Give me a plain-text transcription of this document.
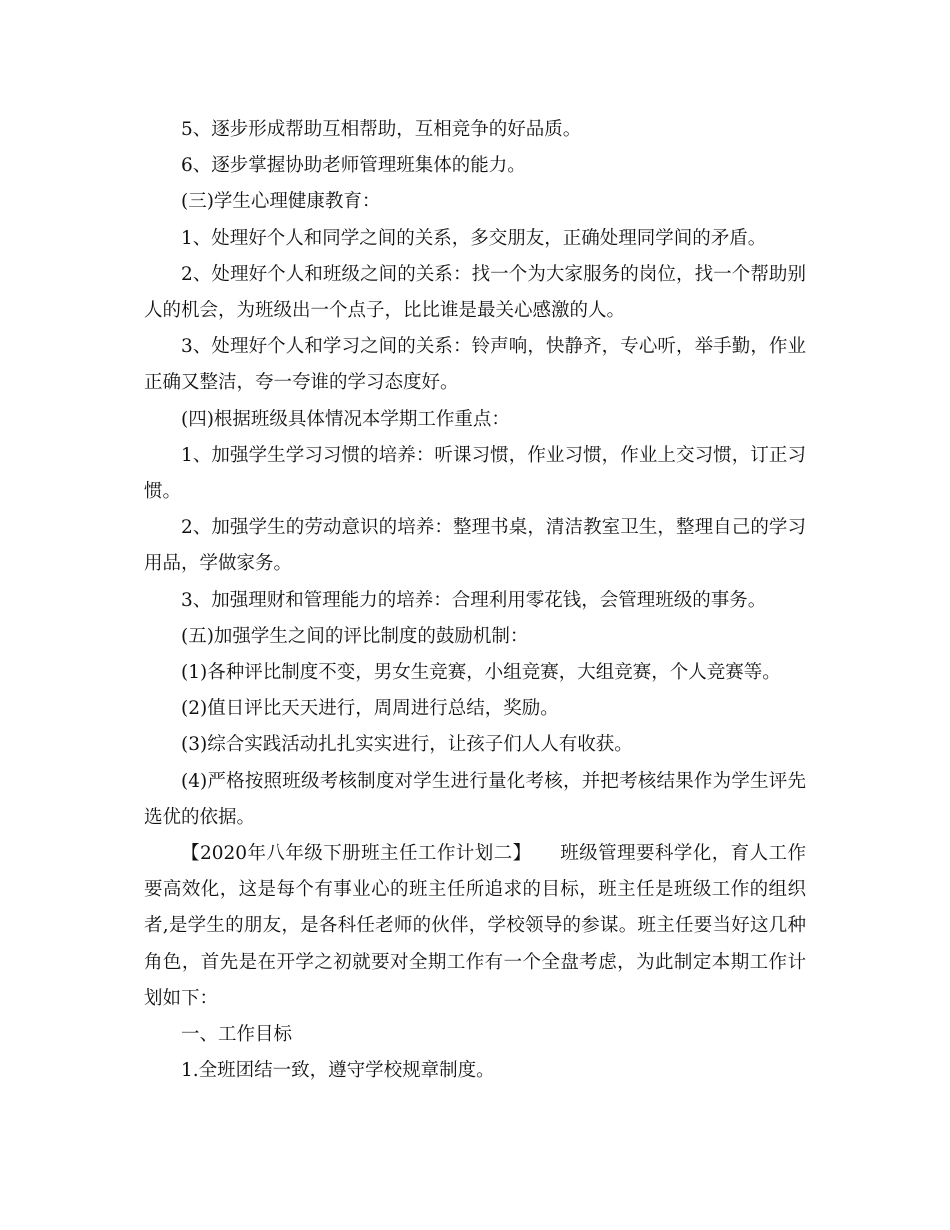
5、逐步形成帮助互相帮助，互相竞争的好品质。

6、逐步掌握协助老师管理班集体的能力。

(三)学生心理健康教育：

1、处理好个人和同学之间的关系，多交朋友，正确处理同学间的矛盾。

2、处理好个人和班级之间的关系：找一个为大家服务的岗位，找一个帮助别人的机会，为班级出一个点子，比比谁是最关心感激的人。

3、处理好个人和学习之间的关系：铃声响，快静齐，专心听，举手勤，作业正确又整洁，夸一夸谁的学习态度好。

(四)根据班级具体情况本学期工作重点：

1、加强学生学习习惯的培养：听课习惯，作业习惯，作业上交习惯，订正习惯。

2、加强学生的劳动意识的培养：整理书桌，清洁教室卫生，整理自己的学习用品，学做家务。

3、加强理财和管理能力的培养：合理利用零花钱，会管理班级的事务。

(五)加强学生之间的评比制度的鼓励机制：

(1)各种评比制度不变，男女生竞赛，小组竞赛，大组竞赛，个人竞赛等。

(2)值日评比天天进行，周周进行总结，奖励。

(3)综合实践活动扎扎实实进行，让孩子们人人有收获。

(4)严格按照班级考核制度对学生进行量化考核，并把考核结果作为学生评先选优的依据。

【2020年八年级下册班主任工作计划二】　　班级管理要科学化，育人工作要高效化，这是每个有事业心的班主任所追求的目标，班主任是班级工作的组织者,是学生的朋友，是各科任老师的伙伴，学校领导的参谋。班主任要当好这几种角色，首先是在开学之初就要对全期工作有一个全盘考虑，为此制定本期工作计划如下：

一、工作目标

1.全班团结一致，遵守学校规章制度。
